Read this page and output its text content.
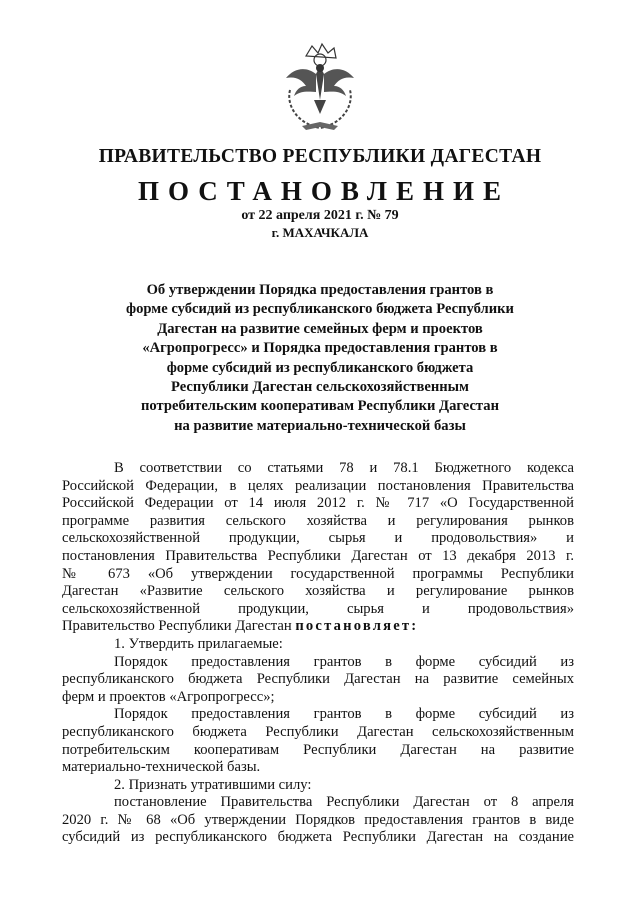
ПРАВИТЕЛЬСТВО РЕСПУБЛИКИ ДАГЕСТАН
ПОСТАНОВЛЕНИЕ
от 22 апреля 2021 г. № 79
г. МАХАЧКАЛА
Об утверждении Порядка предоставления грантов в
форме субсидий из республиканского бюджета Республики
Дагестан на развитие семейных ферм и проектов
«Агропрогресс» и Порядка предоставления грантов в
форме субсидий из республиканского бюджета
Республики Дагестан сельскохозяйственным
потребительским кооперативам Республики Дагестан
на развитие материально-технической базы
В соответствии со статьями 78 и 78.1 Бюджетного кодекса
Российской Федерации, в целях реализации постановления Правительства
Российской Федерации от 14 июля 2012 г. № 717 «О Государственной
программе развития сельского хозяйства и регулирования рынков
сельскохозяйственной продукции, сырья и продовольствия» и
постановления Правительства Республики Дагестан от 13 декабря 2013 г.
№ 673 «Об утверждении государственной программы Республики
Дагестан «Развитие сельского хозяйства и регулирование рынков
сельскохозяйственной продукции, сырья и продовольствия»
Правительство Республики Дагестан постановляет:
1. Утвердить прилагаемые:
Порядок предоставления грантов в форме субсидий из
республиканского бюджета Республики Дагестан на развитие семейных
ферм и проектов «Агропрогресс»;
Порядок предоставления грантов в форме субсидий из
республиканского бюджета Республики Дагестан сельскохозяйственным
потребительским кооперативам Республики Дагестан на развитие
материально-технической базы.
2. Признать утратившими силу:
постановление Правительства Республики Дагестан от 8 апреля
2020 г. № 68 «Об утверждении Порядков предоставления грантов в виде
субсидий из республиканского бюджета Республики Дагестан на создание
